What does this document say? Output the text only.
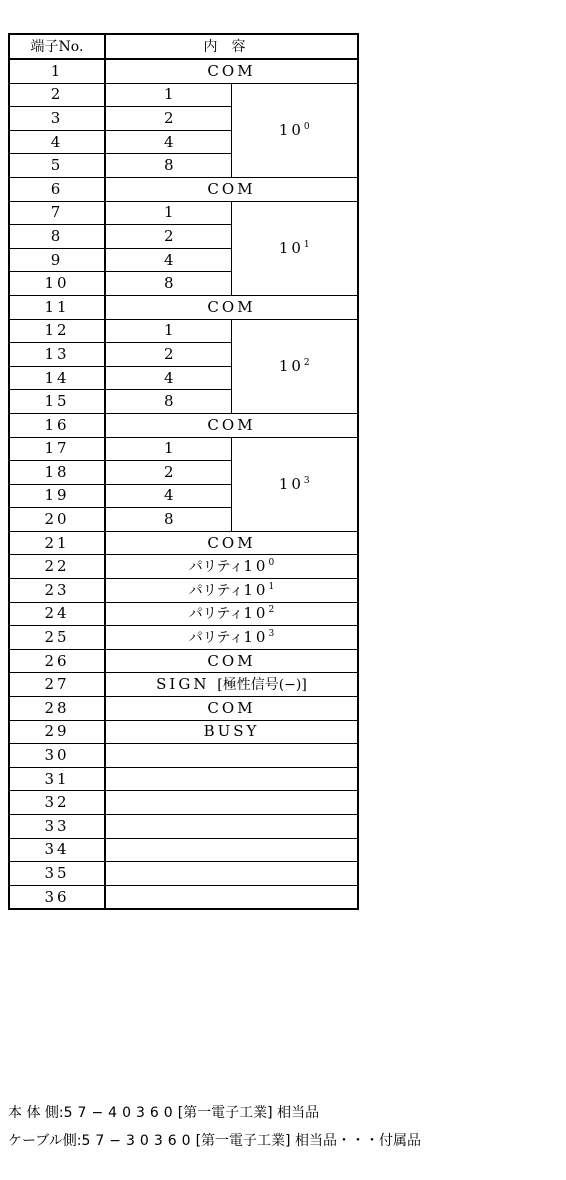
端子No.	内容	
1	COM	
2	1	$10^0$
3	2	
4	4	
5	8	
6	COM	
7	1	$10^1$
8	2	
9	4	
10	8	
11	COM	
12	1	$10^2$
13	2	
14	4	
15	8	
16	COM	
17	1	$10^3$
18	2	
19	4	
20	8	
21	COM	
22	パリティ$10^0$
23	パリティ$10^1$
24	パリティ$10^2$
25	パリティ$10^3$
26	COM	
27	SIGN [極性信号(−)]	
28	COM	
29	BUSY	
30		
31		
32		
33		
34		
35		
36		
本 体 側:57−40360[第一電子工業] 相当品
ケーブル側:57−30360[第一電子工業] 相当品・・・付属品
